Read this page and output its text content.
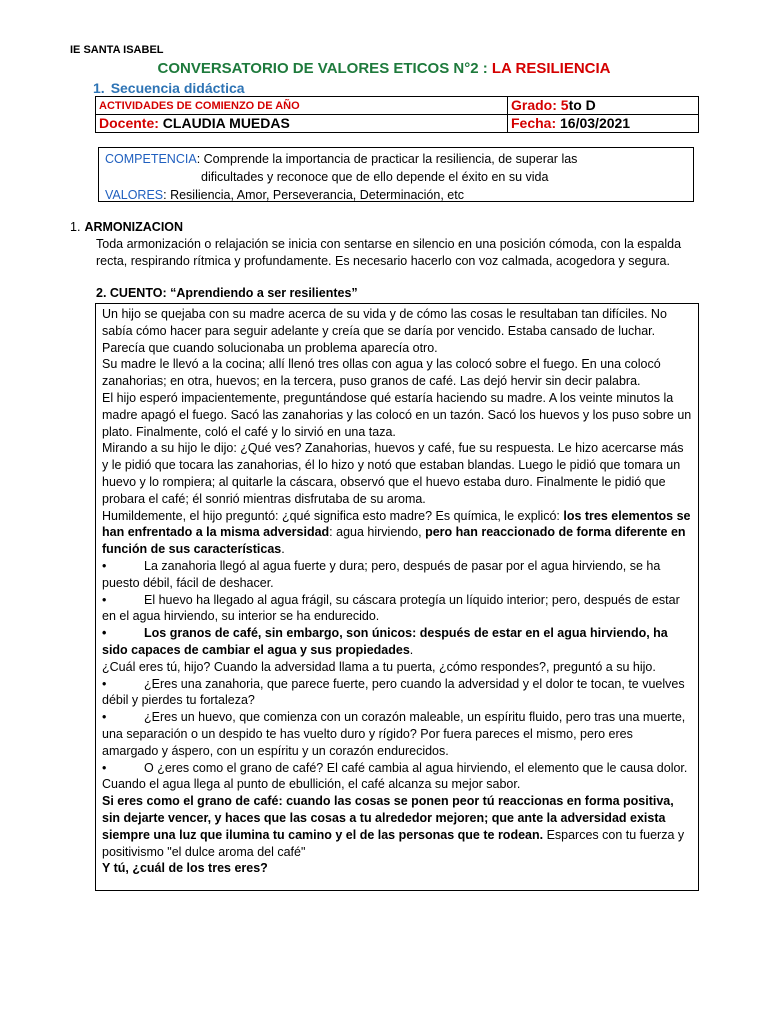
IE SANTA ISABEL
CONVERSATORIO DE VALORES ETICOS N°2 : LA RESILIENCIA
1. Secuencia didáctica
ACTIVIDADES DE COMIENZO DE AÑO	Grado: 5to D
Docente: CLAUDIA MUEDAS	Fecha: 16/03/2021
COMPETENCIA: Comprende la importancia de practicar la resiliencia, de superar las
dificultades y reconoce que de ello depende el éxito en su vida
VALORES: Resiliencia, Amor, Perseverancia, Determinación, etc
1. ARMONIZACION
Toda armonización o relajación se inicia con sentarse en silencio en una posición cómoda, con la espalda recta, respirando rítmica y profundamente. Es necesario hacerlo con voz calmada, acogedora y segura.
2. CUENTO: “Aprendiendo a ser resilientes”

Un hijo se quejaba con su madre acerca de su vida y de cómo las cosas le resultaban tan difíciles. No sabía cómo hacer para seguir adelante y creía que se daría por vencido. Estaba cansado de luchar. Parecía que cuando solucionaba un problema aparecía otro.

Su madre le llevó a la cocina; allí llenó tres ollas con agua y las colocó sobre el fuego. En una colocó zanahorias; en otra, huevos; en la tercera, puso granos de café. Las dejó hervir sin decir palabra.

El hijo esperó impacientemente, preguntándose qué estaría haciendo su madre. A los veinte minutos la madre apagó el fuego. Sacó las zanahorias y las colocó en un tazón. Sacó los huevos y los puso sobre un plato. Finalmente, coló el café y lo sirvió en una taza.

Mirando a su hijo le dijo: ¿Qué ves? Zanahorias, huevos y café, fue su respuesta. Le hizo acercarse más y le pidió que tocara las zanahorias, él lo hizo y notó que estaban blandas. Luego le pidió que tomara un huevo y lo rompiera; al quitarle la cáscara, observó que el huevo estaba duro. Finalmente le pidió que probara el café; él sonrió mientras disfrutaba de su aroma.

Humildemente, el hijo preguntó: ¿qué significa esto madre? Es química, le explicó: los tres elementos se han enfrentado a la misma adversidad: agua hirviendo, pero han reaccionado de forma diferente en función de sus características.

•	La zanahoria llegó al agua fuerte y dura; pero, después de pasar por el agua hirviendo, se ha puesto débil, fácil de deshacer.

•	El huevo ha llegado al agua frágil, su cáscara protegía un líquido interior; pero, después de estar en el agua hirviendo, su interior se ha endurecido.

•	Los granos de café, sin embargo, son únicos: después de estar en el agua hirviendo, ha sido capaces de cambiar el agua y sus propiedades.

¿Cuál eres tú, hijo? Cuando la adversidad llama a tu puerta, ¿cómo respondes?, preguntó a su hijo.

•	¿Eres una zanahoria, que parece fuerte, pero cuando la adversidad y el dolor te tocan, te vuelves débil y pierdes tu fortaleza?

•	¿Eres un huevo, que comienza con un corazón maleable, un espíritu fluido, pero tras una muerte, una separación o un despido te has vuelto duro y rígido? Por fuera pareces el mismo, pero eres amargado y áspero, con un espíritu y un corazón endurecidos.

•	O ¿eres como el grano de café? El café cambia al agua hirviendo, el elemento que le causa dolor. Cuando el agua llega al punto de ebullición, el café alcanza su mejor sabor.

Si eres como el grano de café: cuando las cosas se ponen peor tú reaccionas en forma positiva, sin dejarte vencer, y haces que las cosas a tu alrededor mejoren; que ante la adversidad exista siempre una luz que ilumina tu camino y el de las personas que te rodean. Esparces con tu fuerza y positivismo "el dulce aroma del café"

Y tú, ¿cuál de los tres eres?
